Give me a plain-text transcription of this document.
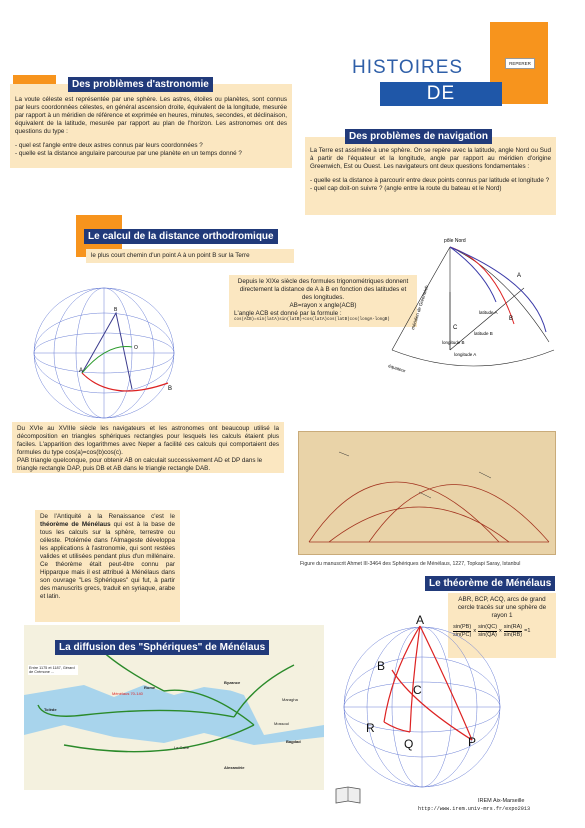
HISTOIRES
DE SPHERES
REPERER

La voute céleste est représentée par une sphère. Les astres, étoiles ou planètes, sont connus par leurs coordonnées célestes, en général ascension droite, équivalent de la longitude, mesurée par rapport à un méridien de référence et exprimée en heures, minutes, secondes, et déclinaison, équivalent de la latitude, mesurée par rapport au plan de l'horizon. Les astronomes ont des questions du type :

- quel est l'angle entre deux astres connus par leurs coordonnées ?

- quelle est la distance angulaire parcourue par une planète en un temps donné ?

Des problèmes d'astronomie

La Terre est assimilée à une sphère. On se repère avec la latitude, angle Nord ou Sud à partir de l'équateur et la longitude, angle par rapport au méridien d'origine Greenwich, Est ou Ouest. Les navigateurs ont deux questions fondamentales :

- quelle est la distance à parcourir entre deux points connus par latitude et longitude ?

- quel cap doit-on suivre ? (angle entre la route du bateau et le Nord)

Des problèmes de navigation
Le calcul de la distance orthodromique
le plus court chemin d'un point A à un point B sur la Terre

Depuis le XIXe siècle des formules trigonométriques donnent directement la distance de A à B en fonction des latitudes et des longitudes.

AB=rayon x angle(ACB)

L'angle ACB est donné par la formule :

cos(ACB)=sin(latA)sin(latB)+cos(latA)cos(latB)cos(longA-longB)

A
B
O
B
pôle Nord
A
B
C
latitude A
latitude B
longitude B
longitude A
méridien de Greenwich
équateur

Du XVIe au XVIIIe siècle les navigateurs et les astronomes ont beaucoup utilisé la décomposition en triangles sphériques rectangles pour lesquels les calculs étaient plus faciles. L'apparition des logarithmes avec Neper a facilité ces calculs qui comportaient des formules du type cos(a)=cos(b)cos(c).

PAB triangle quelconque, pour obtenir AB on calculait successivement AD et DP dans le triangle rectangle DAP, puis DB et AB dans le triangle rectangle DAB.

Figure du manuscrit Ahmet III-3464 des Sphériques de Ménélaus, 1227, Topkapi Saray, Istanbul
De l'Antiquité à la Renaissance c'est le théorème de Ménélaus qui est à la base de tous les calculs sur la sphère, terrestre ou céleste. Ptolémée dans l'Almageste développa les applications à l'astronomie, qui sont restées valides et utilisées pendant plus d'un millénaire. Ce théorème était peut-être connu par Hipparque mais il est attribué à Ménélaus dans son ouvrage "Les Sphériques" qui fut, à partir des manuscrits grecs, traduit en syriaque, arabe et latin.
Le théorème de Ménélaus

ABR, BCP, ACQ, arcs de grand cercle tracés sur une sphère de rayon 1

sin(PB)
sin(PC)
x
sin(QC)
sin(QA)
x $\frac{\sin(RA)}{\sin(RB)} =1$
A
B
C
R
Q	P
Entre 1175 et 1187, Gérard de Crémone ...
Tolède
Rome
Byzance
Bagdad
Alexandrie
Ménélaus 70-140
Mossoul
Le Caire
Maragha
La diffusion des "Sphériques" de Ménélaus
IREM Aix-Marseille
http://www.irem.univ-mrs.fr/expo2013
